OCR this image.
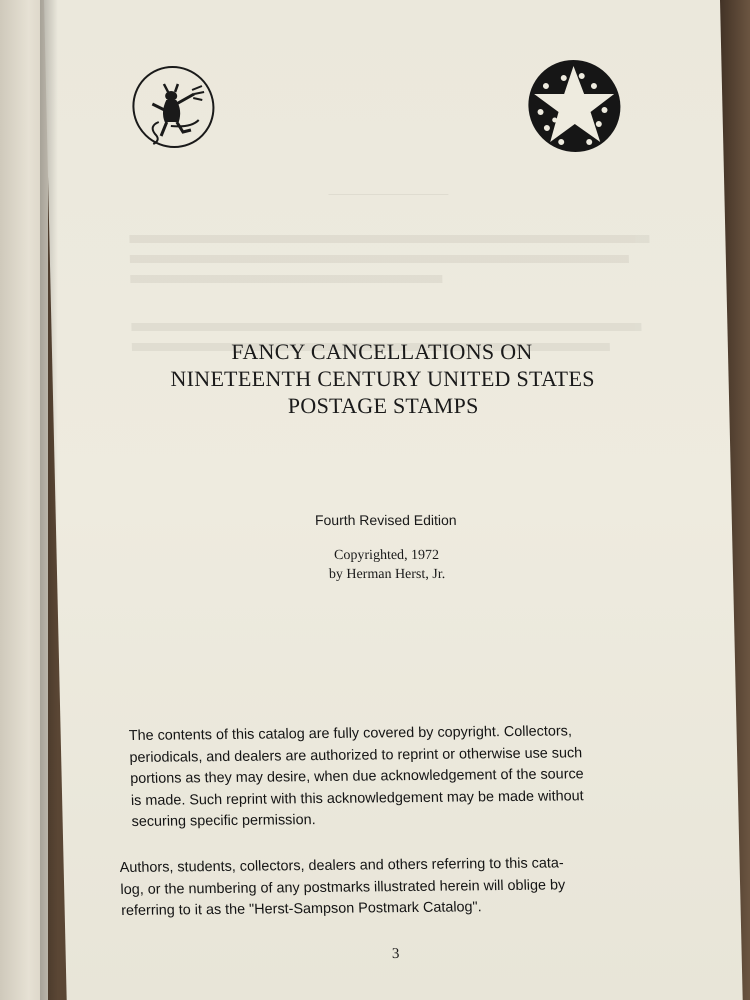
FANCY CANCELLATIONS ON
NINETEENTH CENTURY UNITED STATES
POSTAGE STAMPS
Fourth Revised Edition
Copyrighted, 1972
by Herman Herst, Jr.
The contents of this catalog are fully covered by copyright. Collectors,
periodicals, and dealers are authorized to reprint or otherwise use such
portions as they may desire, when due acknowledgement of the source
is made. Such reprint with this acknowledgement may be made without
securing specific permission.
Authors, students, collectors, dealers and others referring to this cata-
log, or the numbering of any postmarks illustrated herein will oblige by
referring to it as the "Herst-Sampson Postmark Catalog".
3
